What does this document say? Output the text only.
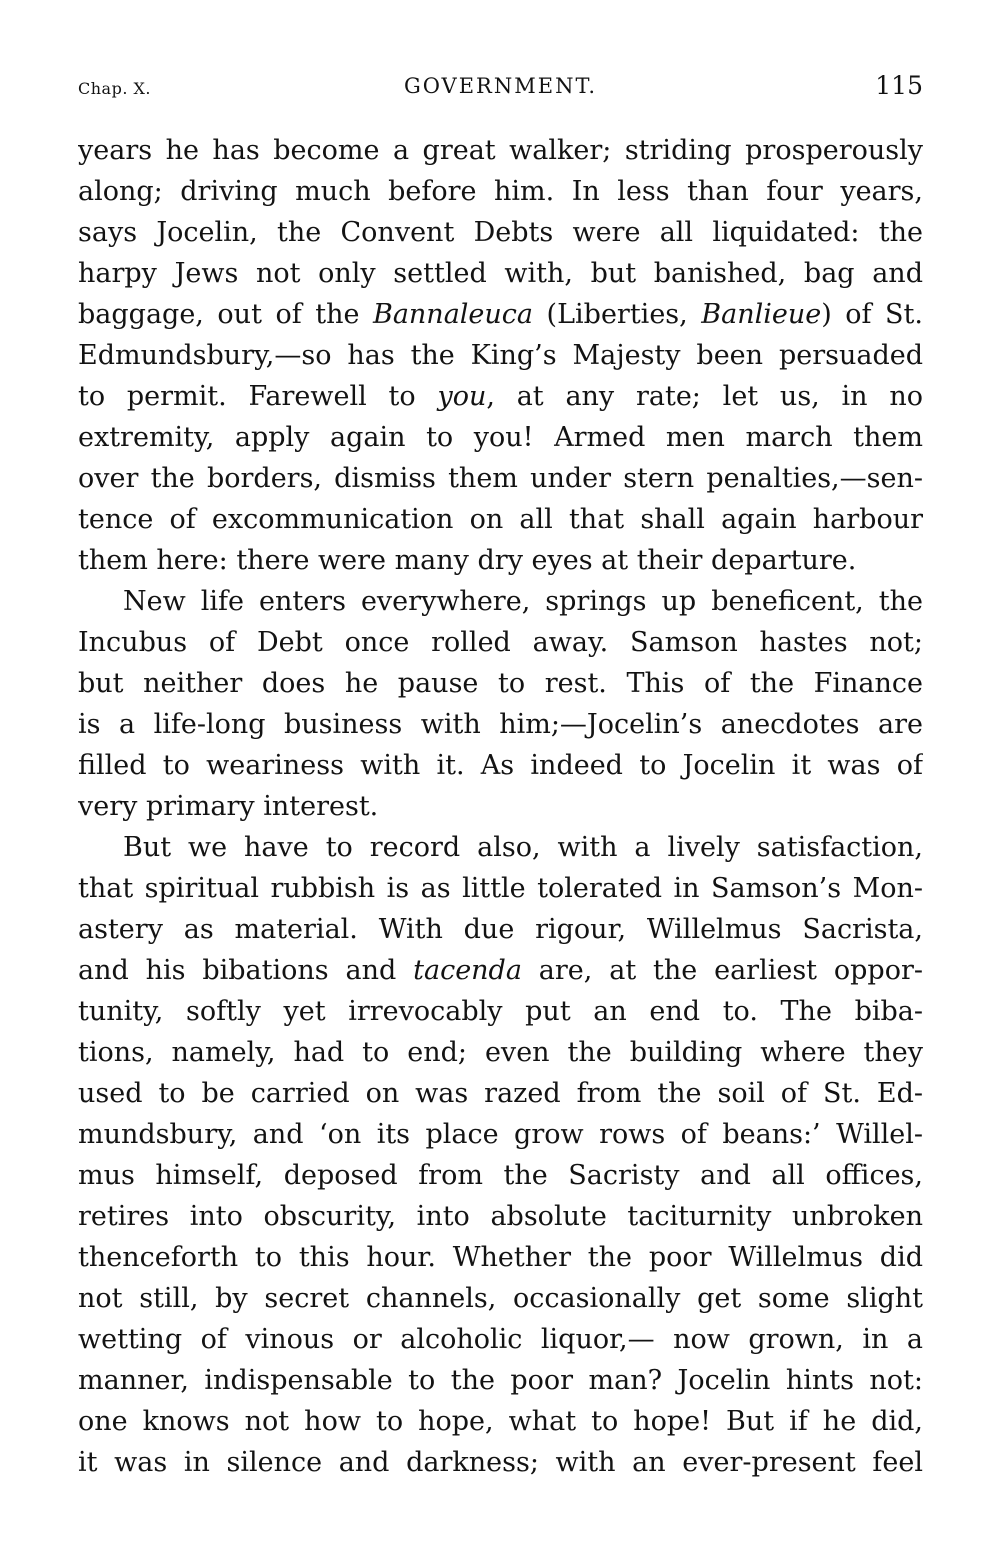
Chap. X.	GOVERNMENT.	115
years he has become a great walker; striding prosperously
along; driving much before him. In less than four years,
says Jocelin, the Convent Debts were all liquidated: the
harpy Jews not only settled with, but banished, bag and
baggage, out of the Bannaleuca (Liberties, Banlieue) of St.
Edmundsbury,—so has the King’s Majesty been persuaded
to permit. Farewell to you, at any rate; let us, in no
extremity, apply again to you! Armed men march them
over the borders, dismiss them under stern penalties,—sen-
tence of excommunication on all that shall again harbour
them here: there were many dry eyes at their departure.
New life enters everywhere, springs up beneficent, the
Incubus of Debt once rolled away. Samson hastes not;
but neither does he pause to rest. This of the Finance
is a life-long business with him;—Jocelin’s anecdotes are
filled to weariness with it. As indeed to Jocelin it was of
very primary interest.
But we have to record also, with a lively satisfaction,
that spiritual rubbish is as little tolerated in Samson’s Mon-
astery as material. With due rigour, Willelmus Sacrista,
and his bibations and tacenda are, at the earliest oppor-
tunity, softly yet irrevocably put an end to. The biba-
tions, namely, had to end; even the building where they
used to be carried on was razed from the soil of St. Ed-
mundsbury, and ‘on its place grow rows of beans:’ Willel-
mus himself, deposed from the Sacristy and all offices,
retires into obscurity, into absolute taciturnity unbroken
thenceforth to this hour. Whether the poor Willelmus did
not still, by secret channels, occasionally get some slight
wetting of vinous or alcoholic liquor,— now grown, in a
manner, indispensable to the poor man? Jocelin hints not:
one knows not how to hope, what to hope! But if he did,
it was in silence and darkness; with an ever-present feel
